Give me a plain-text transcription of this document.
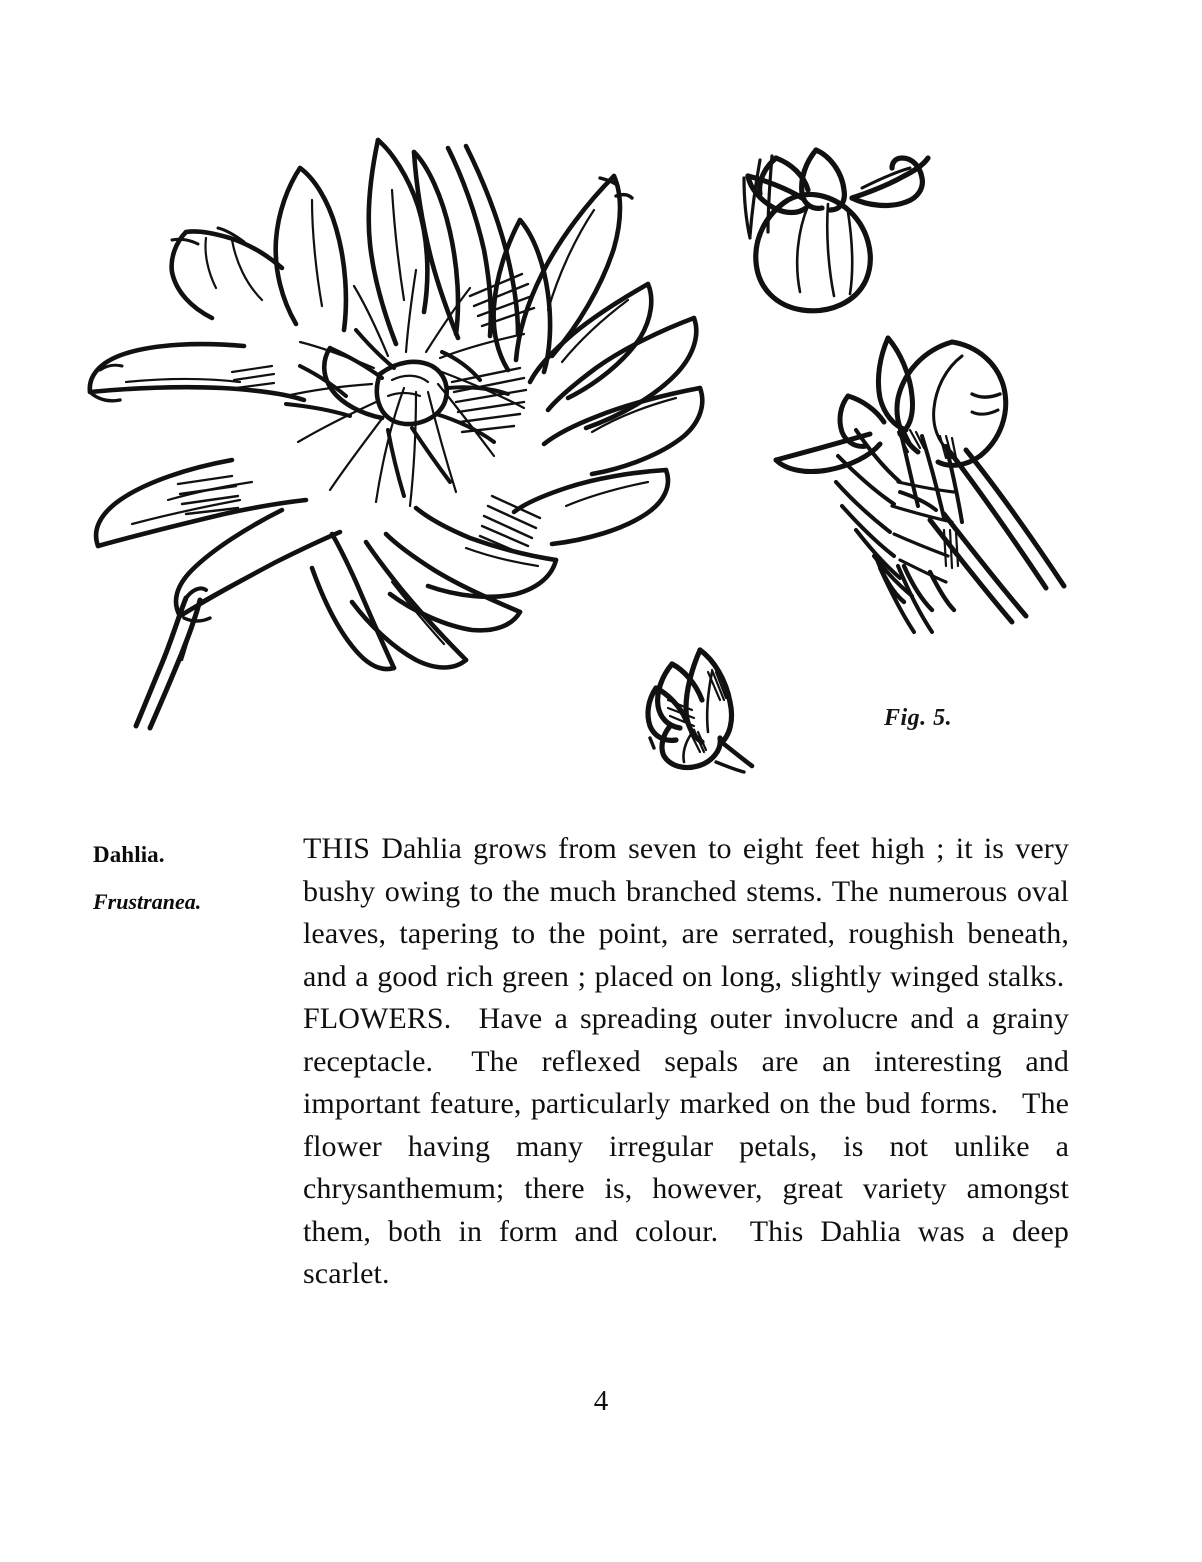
Fig. 5.
Dahlia.
Frustranea.

THIS Dahlia grows from seven to eight feet high ; it is very bushy owing to the much branched stems. The numerous oval leaves, tapering to the point, are serrated, roughish beneath, and a good rich green ; placed on long, slightly winged stalks.

FLOWERS.  Have a spreading outer involucre and a grainy receptacle.  The reflexed sepals are an interesting and important feature, particularly marked on the bud forms.  The flower having many irregular petals, is not unlike a chrysanthemum; there is, however, great variety amongst them, both in form and colour.  This Dahlia was a deep scarlet.

4
